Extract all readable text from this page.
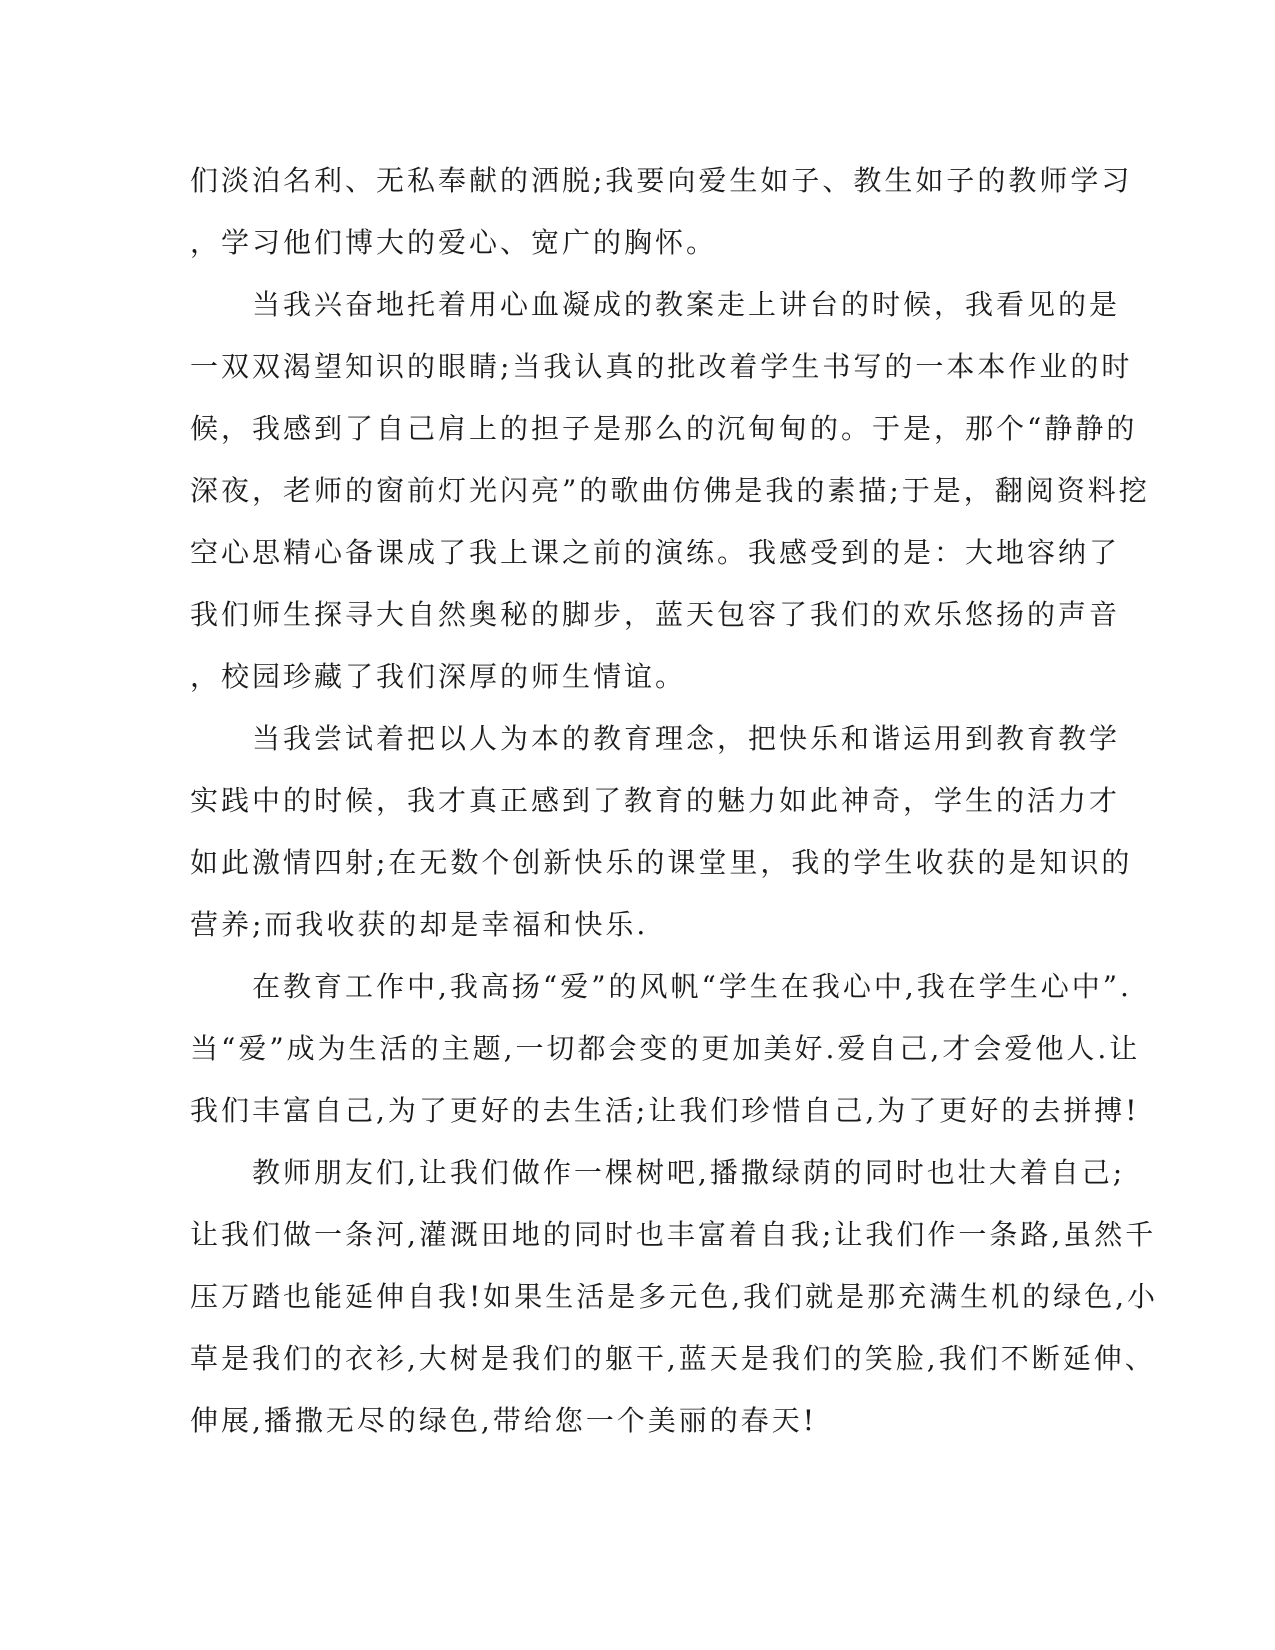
们淡泊名利、无私奉献的洒脱;我要向爱生如子、教生如子的教师学习
，学习他们博大的爱心、宽广的胸怀。
　　当我兴奋地托着用心血凝成的教案走上讲台的时候，我看见的是
一双双渴望知识的眼睛;当我认真的批改着学生书写的一本本作业的时
候，我感到了自己肩上的担子是那么的沉甸甸的。于是，那个“静静的
深夜，老师的窗前灯光闪亮”的歌曲仿佛是我的素描;于是，翻阅资料挖
空心思精心备课成了我上课之前的演练。我感受到的是：大地容纳了
我们师生探寻大自然奥秘的脚步，蓝天包容了我们的欢乐悠扬的声音
，校园珍藏了我们深厚的师生情谊。
　　当我尝试着把以人为本的教育理念，把快乐和谐运用到教育教学
实践中的时候，我才真正感到了教育的魅力如此神奇，学生的活力才
如此激情四射;在无数个创新快乐的课堂里，我的学生收获的是知识的
营养;而我收获的却是幸福和快乐.
　　在教育工作中,我高扬“爱”的风帆“学生在我心中,我在学生心中”.
当“爱”成为生活的主题,一切都会变的更加美好.爱自己,才会爱他人.让
我们丰富自己,为了更好的去生活;让我们珍惜自己,为了更好的去拼搏!
　　教师朋友们,让我们做作一棵树吧,播撒绿荫的同时也壮大着自己;
让我们做一条河,灌溉田地的同时也丰富着自我;让我们作一条路,虽然千
压万踏也能延伸自我!如果生活是多元色,我们就是那充满生机的绿色,小
草是我们的衣衫,大树是我们的躯干,蓝天是我们的笑脸,我们不断延伸、
伸展,播撒无尽的绿色,带给您一个美丽的春天!
